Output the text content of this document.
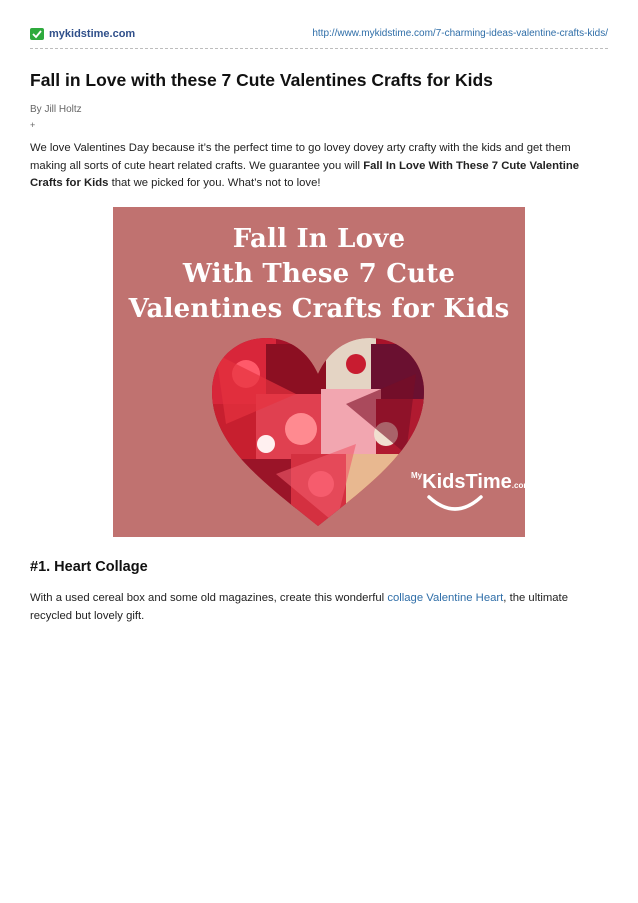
mykidstime.com	http://www.mykidstime.com/7-charming-ideas-valentine-crafts-kids/
Fall in Love with these 7 Cute Valentines Crafts for Kids
By Jill Holtz
+

We love Valentines Day because it’s the perfect time to go lovey dovey arty crafty with the kids and get them making all sorts of cute heart related crafts. We guarantee you will Fall In Love With These 7 Cute Valentine Crafts for Kids that we picked for you. What’s not to love!

Fall In Love
With These 7 Cute
Valentines Crafts for Kids
$^{My}$KidsTime.com
#1. Heart Collage

With a used cereal box and some old magazines, create this wonderful collage Valentine Heart, the ultimate recycled but lovely gift.
